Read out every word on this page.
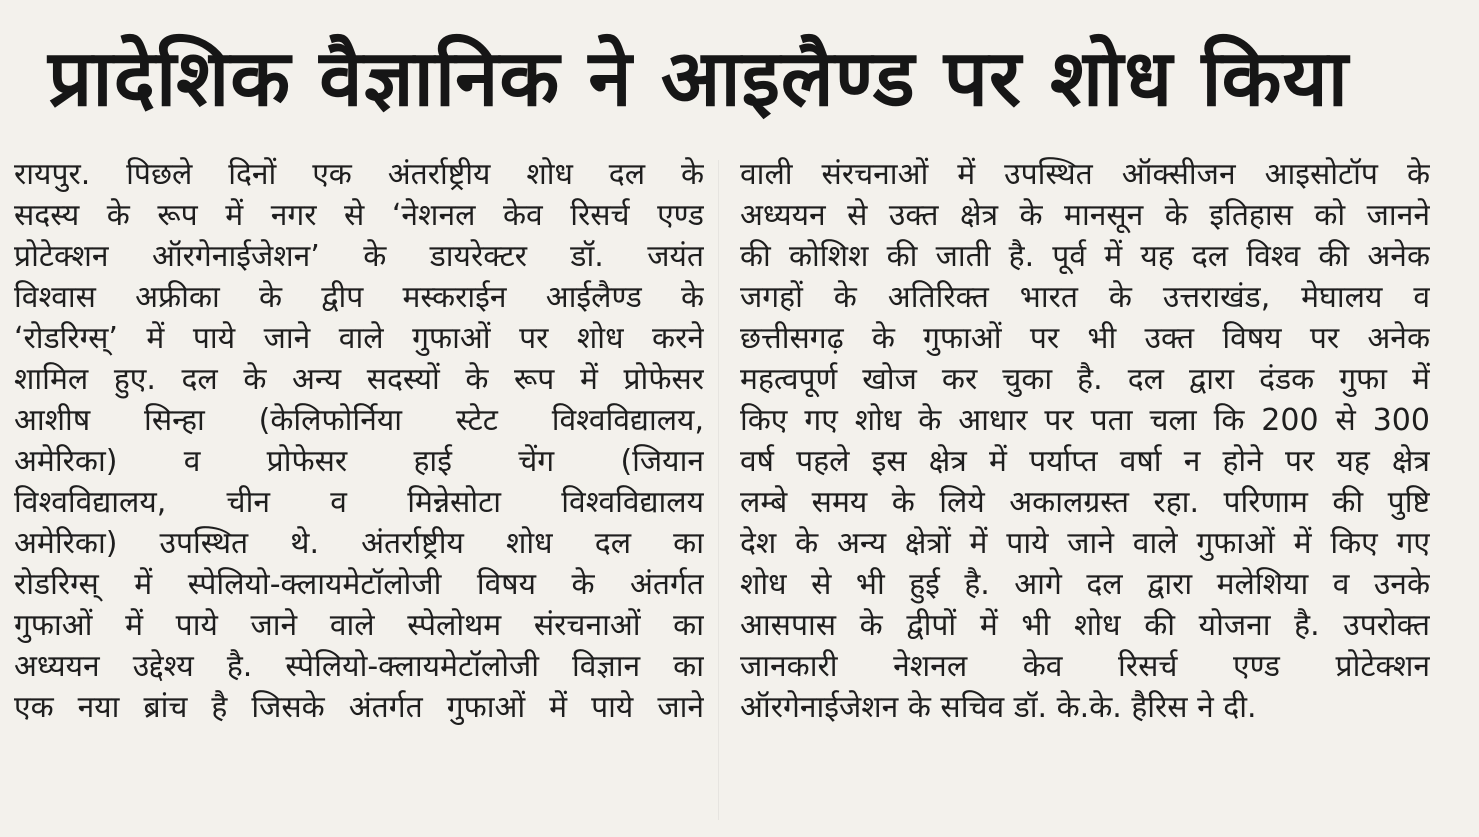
प्रादेशिक वैज्ञानिक ने आइलैण्ड पर शोध किया
रायपुर. पिछले दिनों एक अंतर्राष्ट्रीय शोध दल के
सदस्य के रूप में नगर से ‘नेशनल केव रिसर्च एण्ड
प्रोटेक्शन ऑरगेनाईजेशन’ के डायरेक्टर डॉ. जयंत
विश्वास अफ्रीका के द्वीप मस्कराईन आईलैण्ड के
‘रोडरिग्स्’ में पाये जाने वाले गुफाओं पर शोध करने
शामिल हुए. दल के अन्य सदस्यों के रूप में प्रोफेसर
आशीष सिन्हा (केलिफोर्निया स्टेट विश्वविद्यालय,
अमेरिका) व प्रोफेसर हाई चेंग (जियान
विश्वविद्यालय, चीन व मिन्नेसोटा विश्वविद्यालय
अमेरिका) उपस्थित थे. अंतर्राष्ट्रीय शोध दल का
रोडरिग्स् में स्पेलियो-क्लायमेटॉलोजी विषय के अंतर्गत
गुफाओं में पाये जाने वाले स्पेलोथम संरचनाओं का
अध्ययन उद्देश्य है. स्पेलियो-क्लायमेटॉलोजी विज्ञान का
एक नया ब्रांच है जिसके अंतर्गत गुफाओं में पाये जाने
वाली संरचनाओं में उपस्थित ऑक्सीजन आइसोटॉप के
अध्ययन से उक्त क्षेत्र के मानसून के इतिहास को जानने
की कोशिश की जाती है. पूर्व में यह दल विश्व की अनेक
जगहों के अतिरिक्त भारत के उत्तराखंड, मेघालय व
छत्तीसगढ़ के गुफाओं पर भी उक्त विषय पर अनेक
महत्वपूर्ण खोज कर चुका है. दल द्वारा दंडक गुफा में
किए गए शोध के आधार पर पता चला कि 200 से 300
वर्ष पहले इस क्षेत्र में पर्याप्त वर्षा न होने पर यह क्षेत्र
लम्बे समय के लिये अकालग्रस्त रहा. परिणाम की पुष्टि
देश के अन्य क्षेत्रों में पाये जाने वाले गुफाओं में किए गए
शोध से भी हुई है. आगे दल द्वारा मलेशिया व उनके
आसपास के द्वीपों में भी शोध की योजना है. उपरोक्त
जानकारी नेशनल केव रिसर्च एण्ड प्रोटेक्शन
ऑरगेनाईजेशन के सचिव डॉ. के.के. हैरिस ने दी.
